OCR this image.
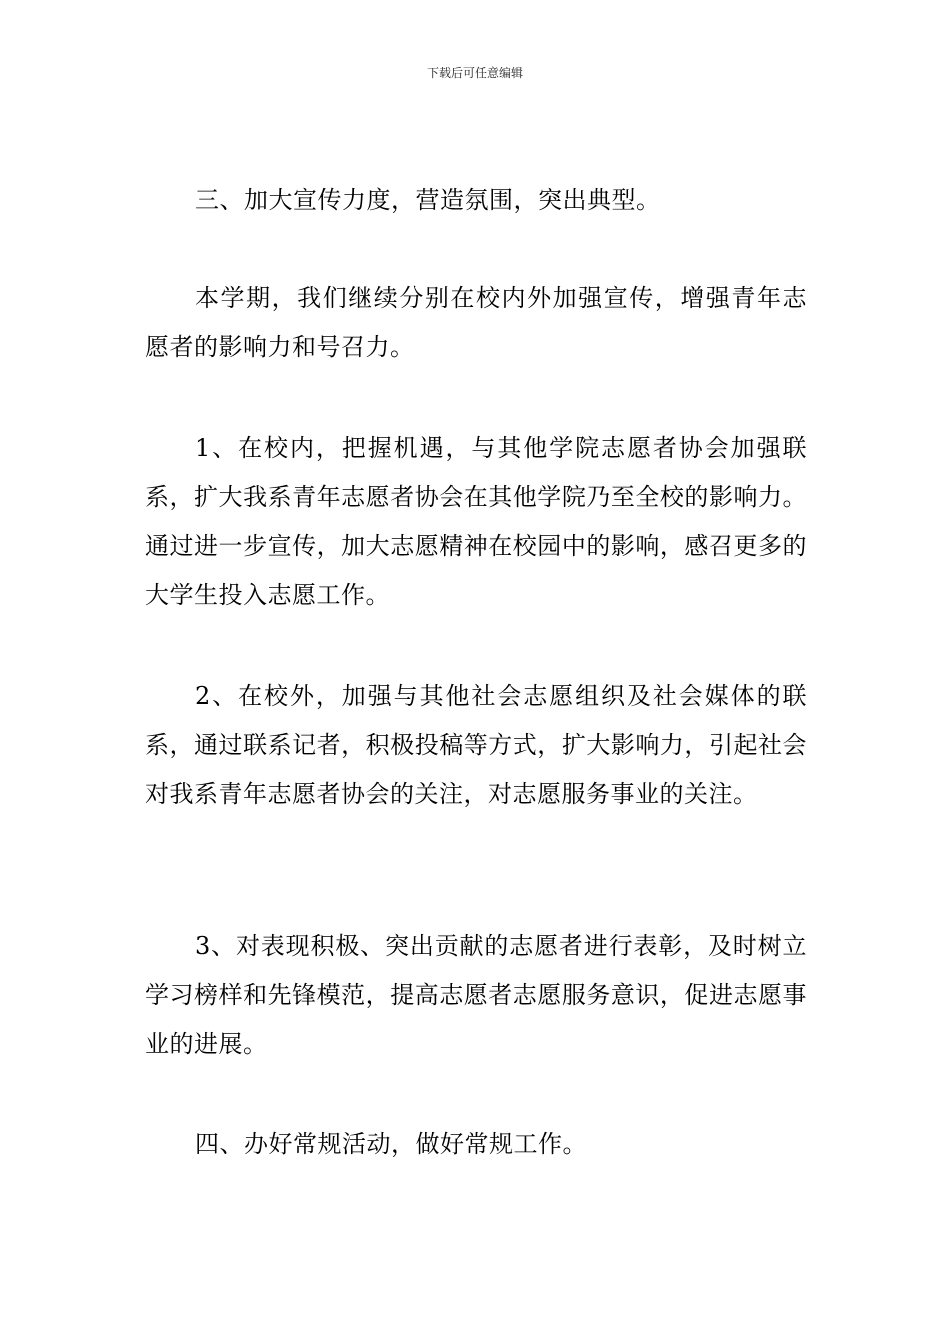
下载后可任意编辑

三、加大宣传力度，营造氛围，突出典型。

本学期，我们继续分别在校内外加强宣传，增强青年志愿者的影响力和号召力。

1、在校内，把握机遇，与其他学院志愿者协会加强联系，扩大我系青年志愿者协会在其他学院乃至全校的影响力。通过进一步宣传，加大志愿精神在校园中的影响，感召更多的大学生投入志愿工作。

2、在校外，加强与其他社会志愿组织及社会媒体的联系，通过联系记者，积极投稿等方式，扩大影响力，引起社会对我系青年志愿者协会的关注，对志愿服务事业的关注。

3、对表现积极、突出贡献的志愿者进行表彰，及时树立学习榜样和先锋模范，提高志愿者志愿服务意识，促进志愿事业的进展。

四、办好常规活动，做好常规工作。
